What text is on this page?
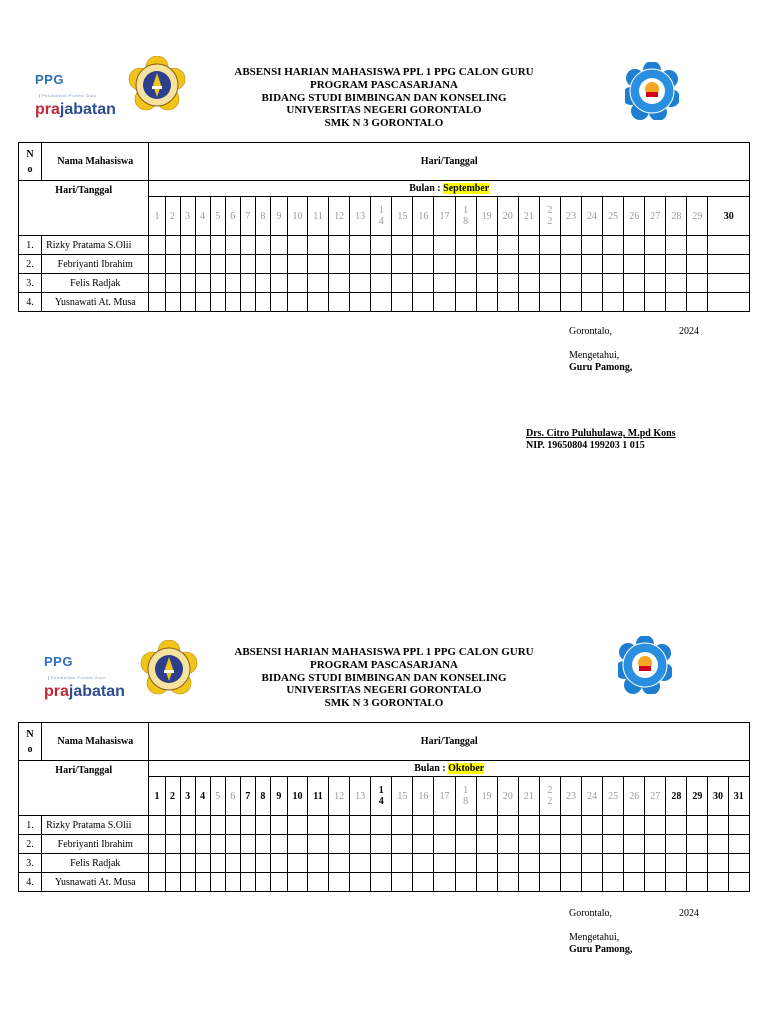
PPGPendidikan Profesi Guru
prajabatan
ABSENSI HARIAN MAHASISWA PPL 1 PPG CALON GURU
PROGRAM PASCASARJANA
BIDANG STUDI BIMBINGAN DAN KONSELING
UNIVERSITAS NEGERI GORONTALO
SMK N 3 GORONTALO
N
o	Nama Mahasiswa	Hari/Tanggal																													
Hari/Tanggal		Bulan : September																													
		1	2	3	4	5	6	7	8	9	10	11	12	13	14	15	16	17	18	19	20	21	22	23	24	25	26	27	28	29	30
1.	Rizky Pratama S.Olii																														
2.	Febriyanti Ibrahim																														
3.	Felis Radjak																														
4.	Yusnawati At. Musa																														
Gorontalo,	2024
Mengetahui,
Guru Pamong,
Drs. Citro Puluhulawa, M.pd Kons
NIP. 19650804 199203 1 015
PPGPendidikan Profesi Guru
prajabatan
ABSENSI HARIAN MAHASISWA PPL 1 PPG CALON GURU
PROGRAM PASCASARJANA
BIDANG STUDI BIMBINGAN DAN KONSELING
UNIVERSITAS NEGERI GORONTALO
SMK N 3 GORONTALO
N
o	Nama Mahasiswa	Hari/Tanggal																														
Hari/Tanggal		Bulan : Oktober																														
		1	2	3	4	5	6	7	8	9	10	11	12	13	14	15	16	17	18	19	20	21	22	23	24	25	26	27	28	29	30	31
1.	Rizky Pratama S.Olii																															
2.	Febriyanti Ibrahim																															
3.	Felis Radjak																															
4.	Yusnawati At. Musa																															
Gorontalo,	2024
Mengetahui,
Guru Pamong,
